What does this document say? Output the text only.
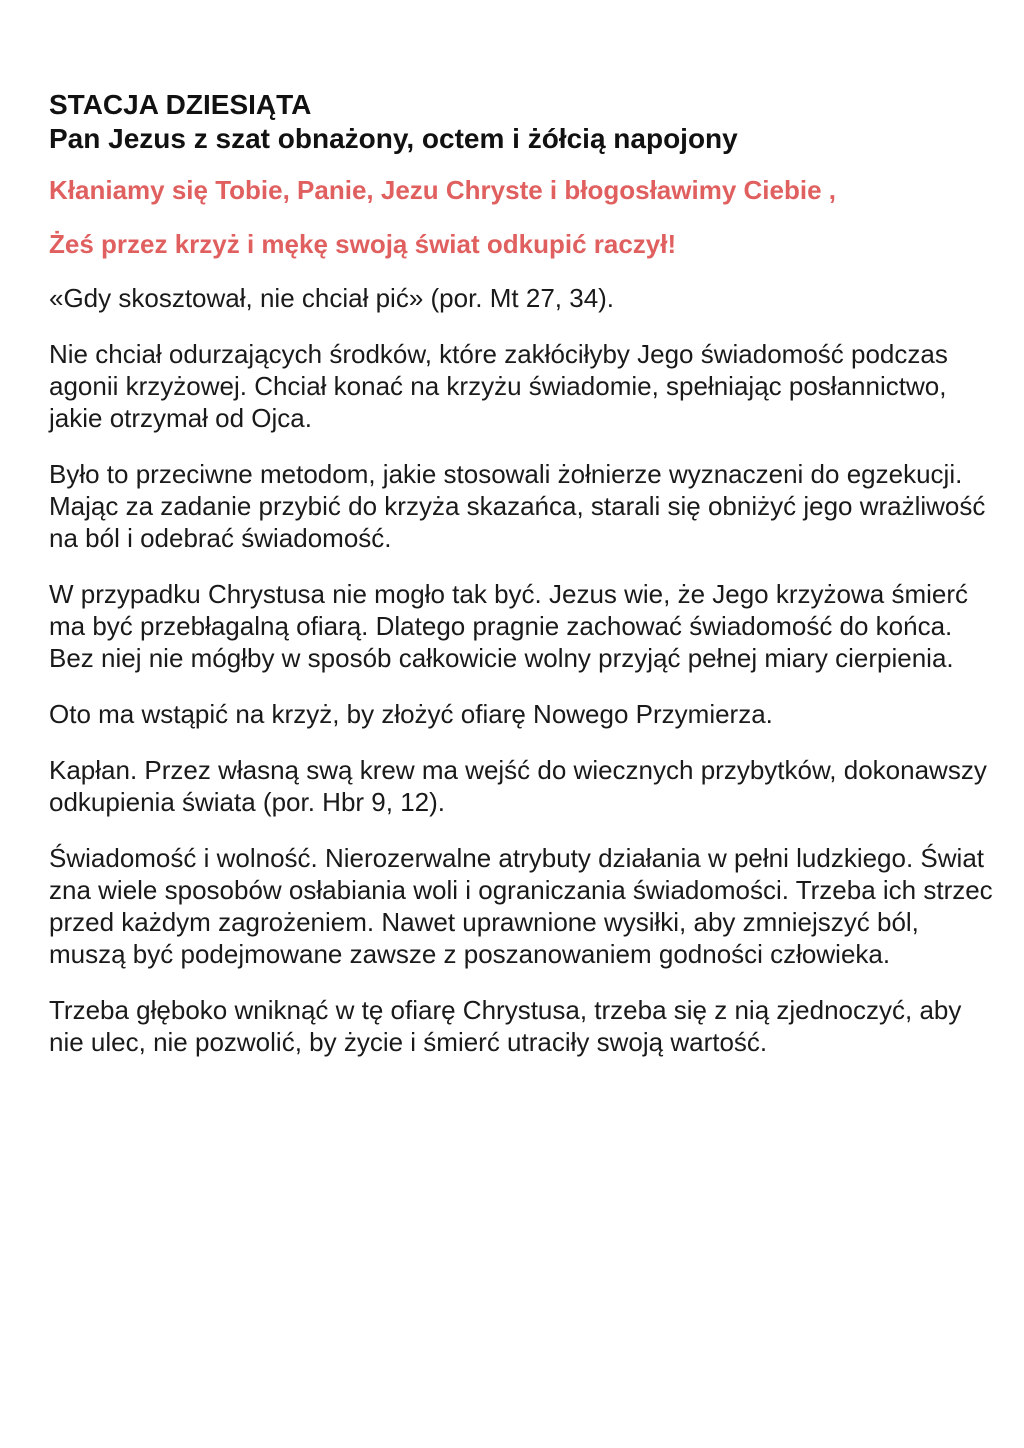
STACJA DZIESIĄTA
Pan Jezus z szat obnażony, octem i żółcią napojony

Kłaniamy się Tobie, Panie, Jezu Chryste i błogosławimy Ciebie ,

Żeś przez krzyż i mękę swoją świat odkupić raczył!

«Gdy skosztował, nie chciał pić» (por. Mt 27, 34).

Nie chciał odurzających środków, które zakłóciłyby Jego świadomość podczas agonii krzyżowej. Chciał konać na krzyżu świadomie, spełniając posłannictwo, jakie otrzymał od Ojca.

Było to przeciwne metodom, jakie stosowali żołnierze wyznaczeni do egzekucji. Mając za zadanie przybić do krzyża skazańca, starali się obniżyć jego wrażliwość na ból i odebrać świadomość.

W przypadku Chrystusa nie mogło tak być. Jezus wie, że Jego krzyżowa śmierć ma być przebłagalną ofiarą. Dlatego pragnie zachować świadomość do końca. Bez niej nie mógłby w sposób całkowicie wolny przyjąć pełnej miary cierpienia.

Oto ma wstąpić na krzyż, by złożyć ofiarę Nowego Przymierza.

Kapłan. Przez własną swą krew ma wejść do wiecznych przybytków, dokonawszy odkupienia świata (por. Hbr 9, 12).

Świadomość i wolność. Nierozerwalne atrybuty działania w pełni ludzkiego. Świat zna wiele sposobów osłabiania woli i ograniczania świadomości. Trzeba ich strzec przed każdym zagrożeniem. Nawet uprawnione wysiłki, aby zmniejszyć ból, muszą być podejmowane zawsze z poszanowaniem godności człowieka.

Trzeba głęboko wniknąć w tę ofiarę Chrystusa, trzeba się z nią zjednoczyć, aby nie ulec, nie pozwolić, by życie i śmierć utraciły swoją wartość.
